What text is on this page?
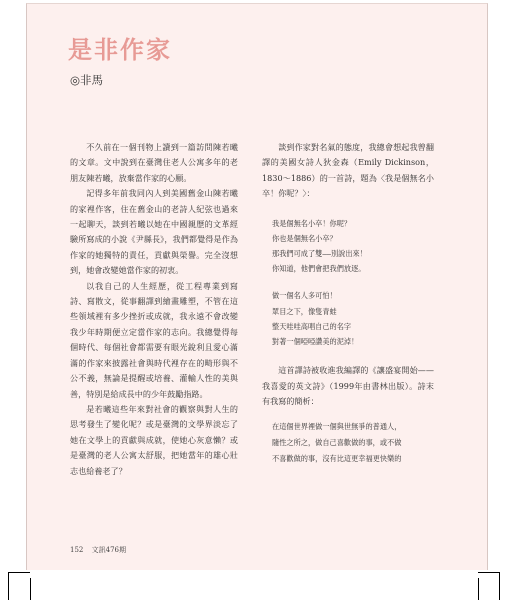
是非作家
◎非馬

不久前在一個刊物上讀到一篇訪問陳若曦的文章。文中說到在臺灣住老人公寓多年的老朋友陳若曦，放棄當作家的心願。

記得多年前我同內人到美國舊金山陳若曦的家裡作客，住在舊金山的老詩人紀弦也過來一起聊天，談到若曦以她在中國親歷的文革經驗所寫成的小說《尹縣長》，我們都覺得是作為作家的她獨特的責任，貢獻與榮譽。完全沒想到，她會改變她當作家的初衷。

以我自己的人生經歷，從工程專業到寫詩、寫散文，從事翻譯到繪畫雕塑，不管在這些領域裡有多少挫折或成就，我永遠不會改變我少年時期便立定當作家的志向。我總覺得每個時代、每個社會都需要有眼光銳利且愛心滿滿的作家來披露社會與時代裡存在的畸形與不公不義，無論是提醒或培養、灌輸人性的美與善，特別是給成長中的少年鼓勵指路。

是若曦這些年來對社會的觀察與對人生的思考發生了變化呢？或是臺灣的文學界淡忘了她在文學上的貢獻與成就，使她心灰意懶？或是臺灣的老人公寓太舒服，把她當年的雄心壯志也給養老了？

談到作家對名氣的態度，我總會想起我曾翻譯的美國女詩人狄金森（Emily Dickinson，1830～1886）的一首詩，題為〈我是個無名小卒！你呢？〉：

我是個無名小卒！你呢？
你也是個無名小卒？
那我們可成了雙——別說出來！
你知道，他們會把我們放逐。
做一個名人多可怕！
眾目之下，像隻青蛙
整天哇哇高唱自己的名字
對著一個啞啞讚美的泥淖！

這首譯詩被收進我編譯的《讓盛宴開始——我喜愛的英文詩》（1999年由書林出版）。詩末有我寫的簡析：

在這個世界裡做一個與世無爭的普通人，
隨性之所之，做自己喜歡做的事，或不做
不喜歡做的事，沒有比這更幸福更快樂的
152 文訊476期
